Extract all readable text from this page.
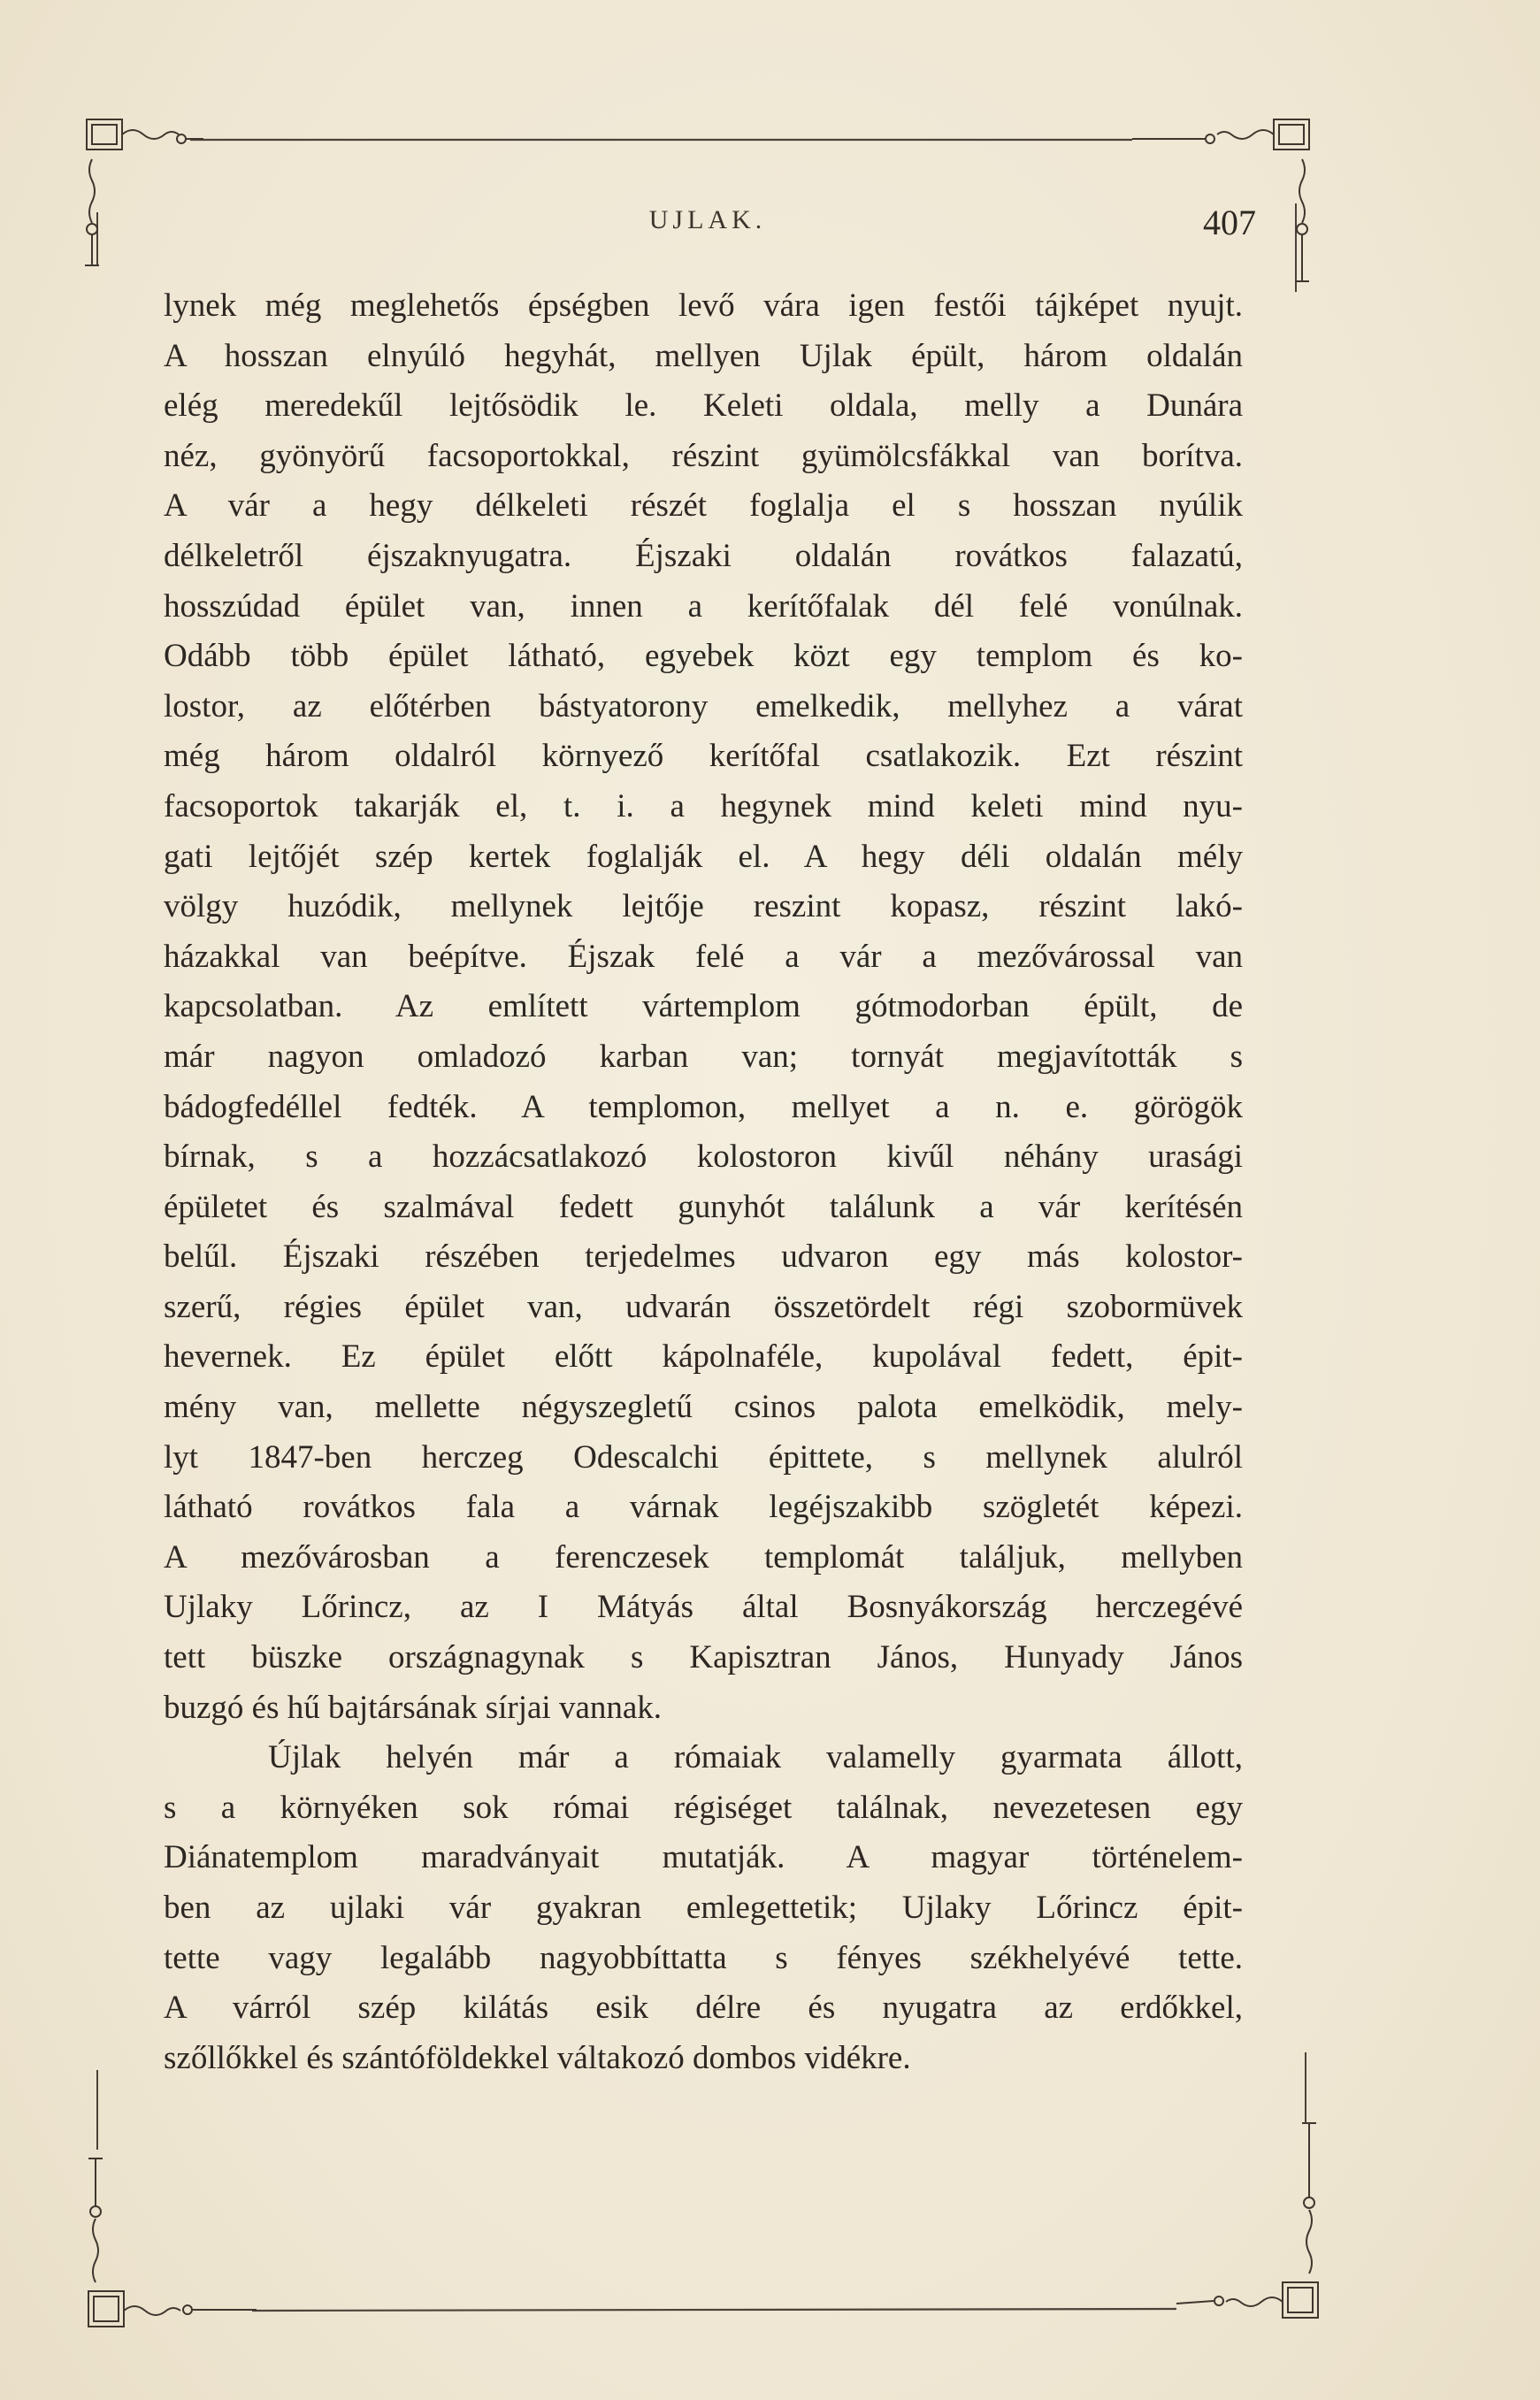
UJLAK.	407
lynek még meglehetős épségben levő vára igen festői tájképet nyujt.
A hosszan elnyúló hegyhát, mellyen Ujlak épült, három oldalán
elég meredekűl lejtősödik le. Keleti oldala, melly a Dunára
néz, gyönyörű facsoportokkal, részint gyümölcsfákkal van borítva.
A vár a hegy délkeleti részét foglalja el s hosszan nyúlik
délkeletről éjszaknyugatra. Éjszaki oldalán rovátkos falazatú,
hosszúdad épület van, innen a kerítőfalak dél felé vonúlnak.
Odább több épület látható, egyebek közt egy templom és ko-
lostor, az előtérben bástyatorony emelkedik, mellyhez a várat
még három oldalról környező kerítőfal csatlakozik. Ezt részint
facsoportok takarják el, t. i. a hegynek mind keleti mind nyu-
gati lejtőjét szép kertek foglalják el. A hegy déli oldalán mély
völgy huzódik, mellynek lejtője reszint kopasz, részint lakó-
házakkal van beépítve. Éjszak felé a vár a mezővárossal van
kapcsolatban. Az említett vártemplom gótmodorban épült, de
már nagyon omladozó karban van; tornyát megjavították s
bádogfedéllel fedték. A templomon, mellyet a n. e. görögök
bírnak, s a hozzácsatlakozó kolostoron kivűl néhány urasági
épületet és szalmával fedett gunyhót találunk a vár kerítésén
belűl. Éjszaki részében terjedelmes udvaron egy más kolostor-
szerű, régies épület van, udvarán összetördelt régi szobormüvek
hevernek. Ez épület előtt kápolnaféle, kupolával fedett, épit-
mény van, mellette négyszegletű csinos palota emelködik, mely-
lyt 1847-ben herczeg Odescalchi épittete, s mellynek alulról
látható rovátkos fala a várnak legéjszakibb szögletét képezi.
A mezővárosban a ferenczesek templomát találjuk, mellyben
Ujlaky Lőrincz, az I Mátyás által Bosnyákország herczegévé
tett büszke országnagynak s Kapisztran János, Hunyady János
buzgó és hű bajtársának sírjai vannak.
Újlak helyén már a rómaiak valamelly gyarmata állott,
s a környéken sok római régiséget találnak, nevezetesen egy
Diánatemplom maradványait mutatják. A magyar történelem-
ben az ujlaki vár gyakran emlegettetik; Ujlaky Lőrincz épit-
tette vagy legalább nagyobbíttatta s fényes székhelyévé tette.
A várról szép kilátás esik délre és nyugatra az erdőkkel,
szőllőkkel és szántóföldekkel váltakozó dombos vidékre.
